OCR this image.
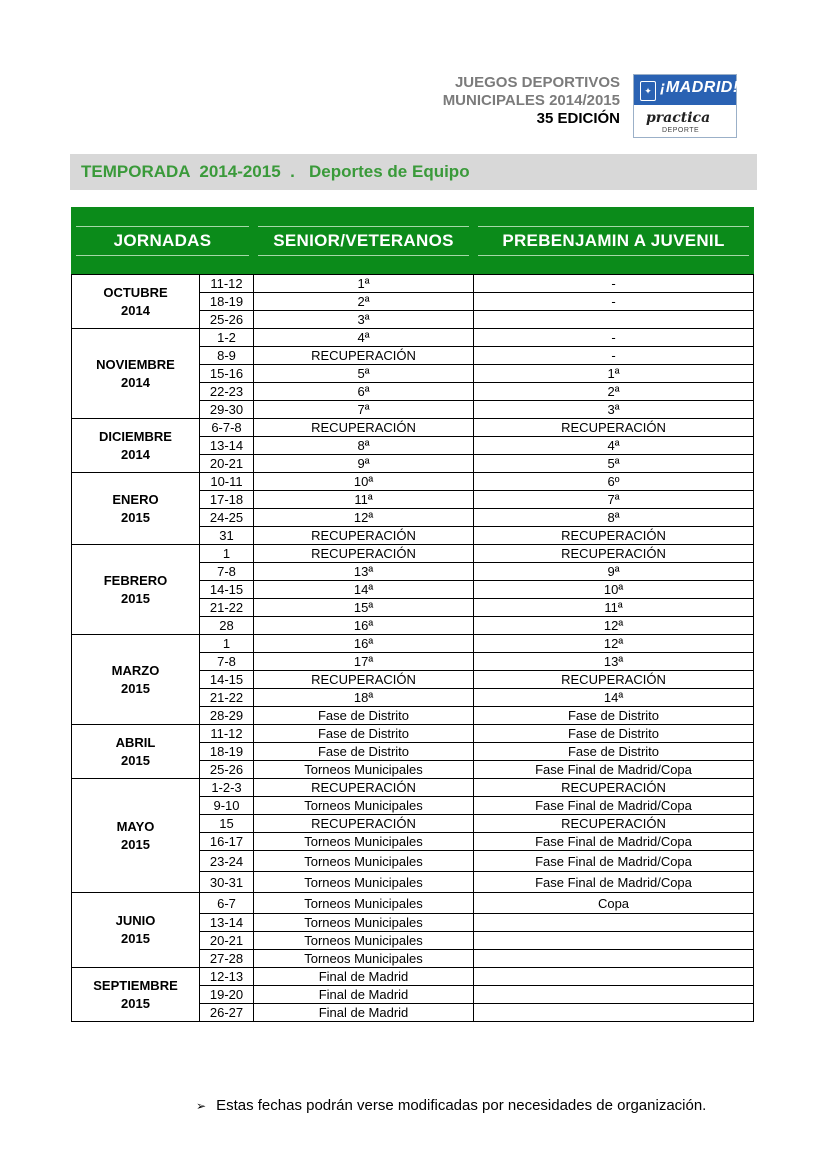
JUEGOS DEPORTIVOS
MUNICIPALES 2014/2015
35 EDICIÓN
✦ ¡MADRID!
practica
DEPORTE
TEMPORADA  2014-2015  .   Deportes de Equipo
JORNADAS		SENIOR/VETERANOS	PREBENJAMIN A JUVENIL

OCTUBRE
2014	11-12	1ª	-
	18-19	2ª	-
	25-26	3ª	

NOVIEMBRE
2014	1-2	4ª	-
	8-9	RECUPERACIÓN	-
	15-16	5ª	1ª
	22-23	6ª	2ª
	29-30	7ª	3ª

DICIEMBRE
2014	6-7-8	RECUPERACIÓN	RECUPERACIÓN
	13-14	8ª	4ª
	20-21	9ª	5ª

ENERO
2015	10-11	10ª	6º
	17-18	11ª	7ª
	24-25	12ª	8ª
	31	RECUPERACIÓN	RECUPERACIÓN

FEBRERO
2015	1	RECUPERACIÓN	RECUPERACIÓN
	7-8	13ª	9ª
	14-15	14ª	10ª
	21-22	15ª	11ª
	28	16ª	12ª

MARZO
2015	1	16ª	12ª
	7-8	17ª	13ª
	14-15	RECUPERACIÓN	RECUPERACIÓN
	21-22	18ª	14ª
	28-29	Fase de Distrito	Fase de Distrito

ABRIL
2015	11-12	Fase de Distrito	Fase de Distrito
	18-19	Fase de Distrito	Fase de Distrito
	25-26	Torneos Municipales	Fase Final de Madrid/Copa

MAYO
2015	1-2-3	RECUPERACIÓN	RECUPERACIÓN
	9-10	Torneos Municipales	Fase Final de Madrid/Copa
	15	RECUPERACIÓN	RECUPERACIÓN
	16-17	Torneos Municipales	Fase Final de Madrid/Copa
	23-24	Torneos Municipales	Fase Final de Madrid/Copa
	30-31	Torneos Municipales	Fase Final de Madrid/Copa

JUNIO
2015	6-7	Torneos Municipales	Copa
	13-14	Torneos Municipales	
	20-21	Torneos Municipales	
	27-28	Torneos Municipales	

SEPTIEMBRE
2015	12-13	Final de Madrid	
	19-20	Final de Madrid	
	26-27	Final de Madrid	
➢ Estas fechas podrán verse modificadas por necesidades de organización.
